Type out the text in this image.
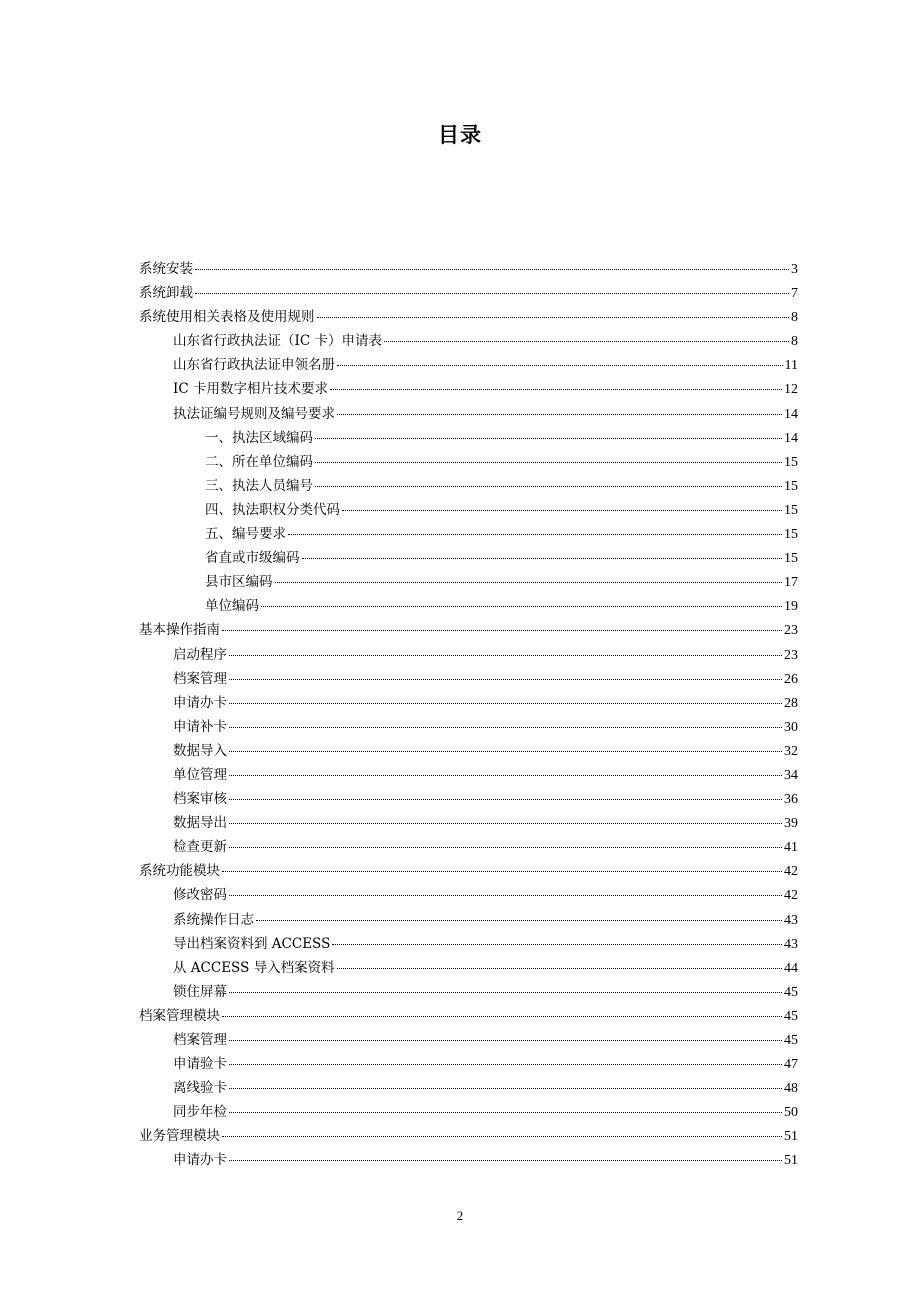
目录
系统安装	3
系统卸载	7
系统使用相关表格及使用规则	8
山东省行政执法证（IC 卡）申请表	8
山东省行政执法证申领名册	11
IC 卡用数字相片技术要求	12
执法证编号规则及编号要求	14
一、执法区域编码	14
二、所在单位编码	15
三、执法人员编号	15
四、执法职权分类代码	15
五、编号要求	15
省直或市级编码	15
县市区编码	17
单位编码	19
基本操作指南	23
启动程序	23
档案管理	26
申请办卡	28
申请补卡	30
数据导入	32
单位管理	34
档案审核	36
数据导出	39
检查更新	41
系统功能模块	42
修改密码	42
系统操作日志	43
导出档案资料到 ACCESS	43
从 ACCESS 导入档案资料	44
锁住屏幕	45
档案管理模块	45
档案管理	45
申请验卡	47
离线验卡	48
同步年检	50
业务管理模块	51
申请办卡	51
2
